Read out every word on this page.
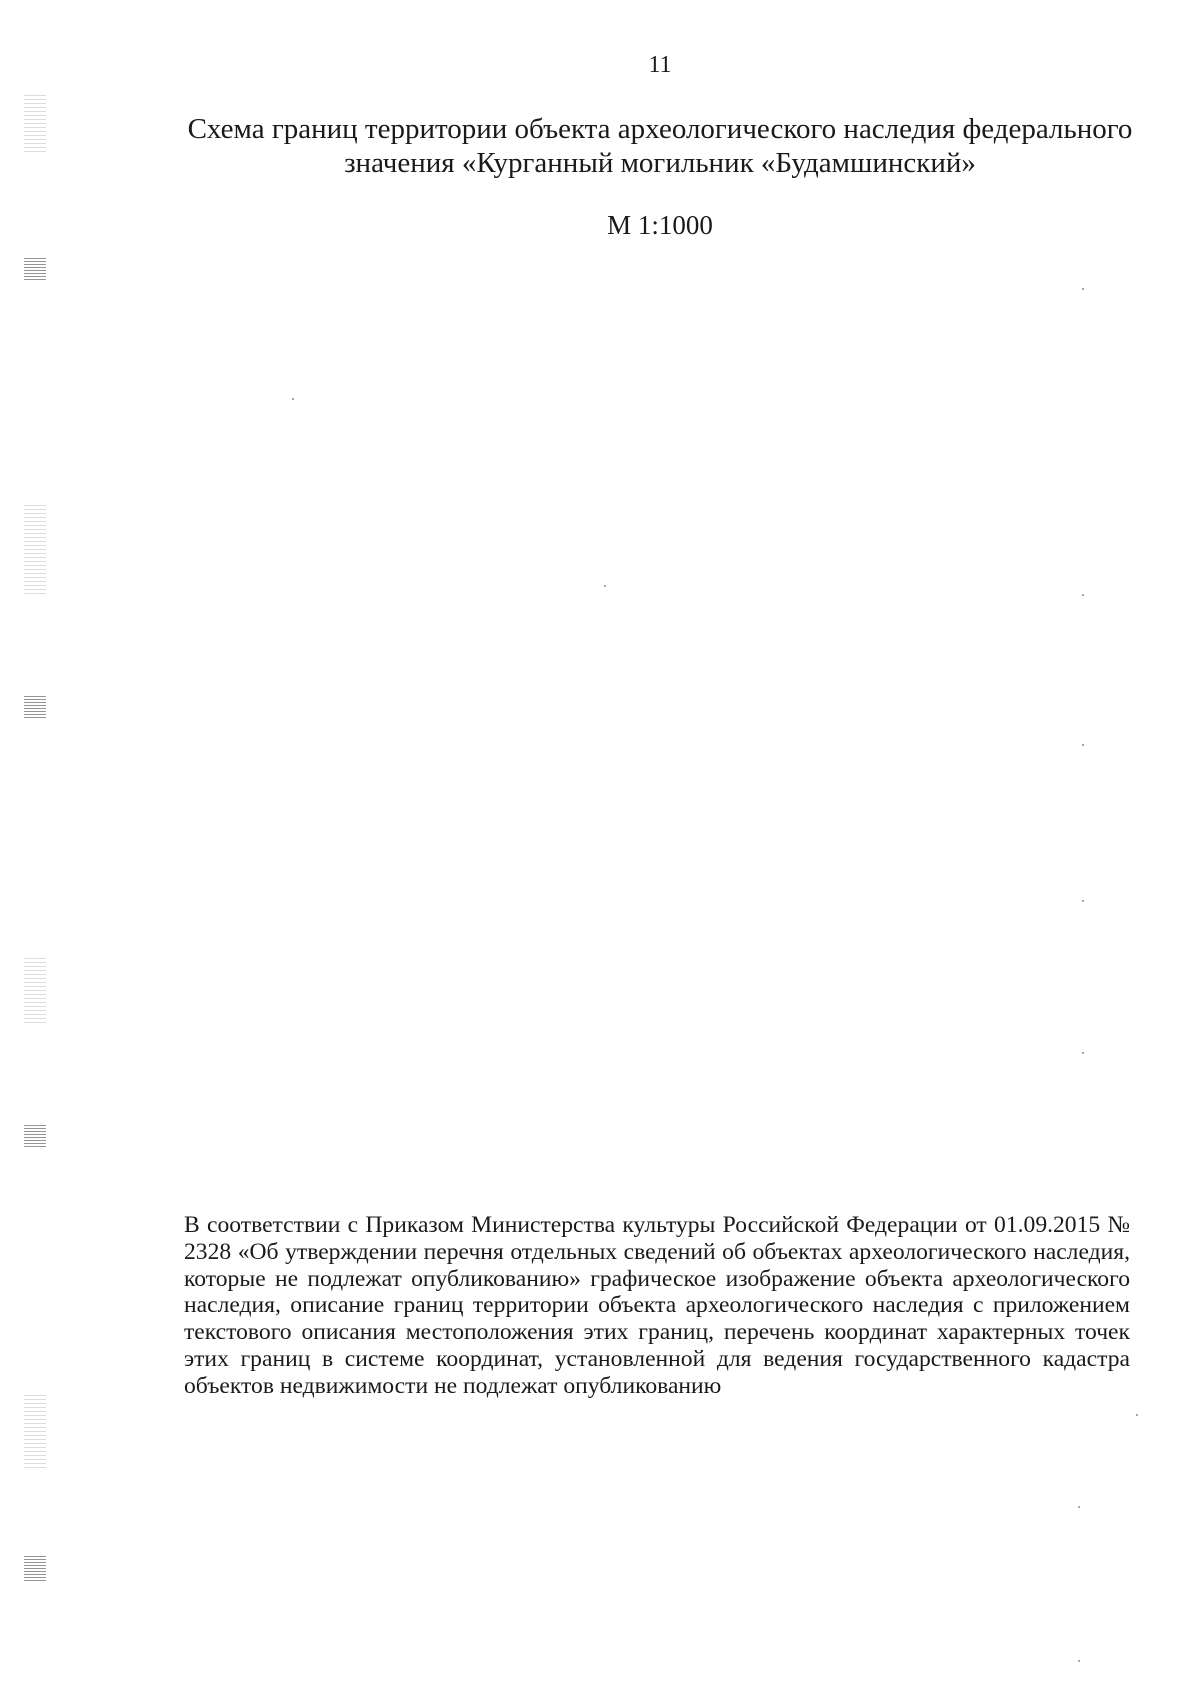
11
Схема границ территории объекта археологического наследия федерального значения «Курганный могильник «Будамшинский»
М 1:1000
В соответствии с Приказом Министерства культуры Российской Федерации от 01.09.2015 № 2328 «Об утверждении перечня отдельных сведений об объектах археологического наследия, которые не подлежат опубликованию» графическое изображение объекта археологического наследия, описание границ территории объекта археологического наследия с приложением текстового описания местоположения этих границ, перечень координат характерных точек этих границ в системе координат, установленной для ведения государственного кадастра объектов недвижимости не подлежат опубликованию
